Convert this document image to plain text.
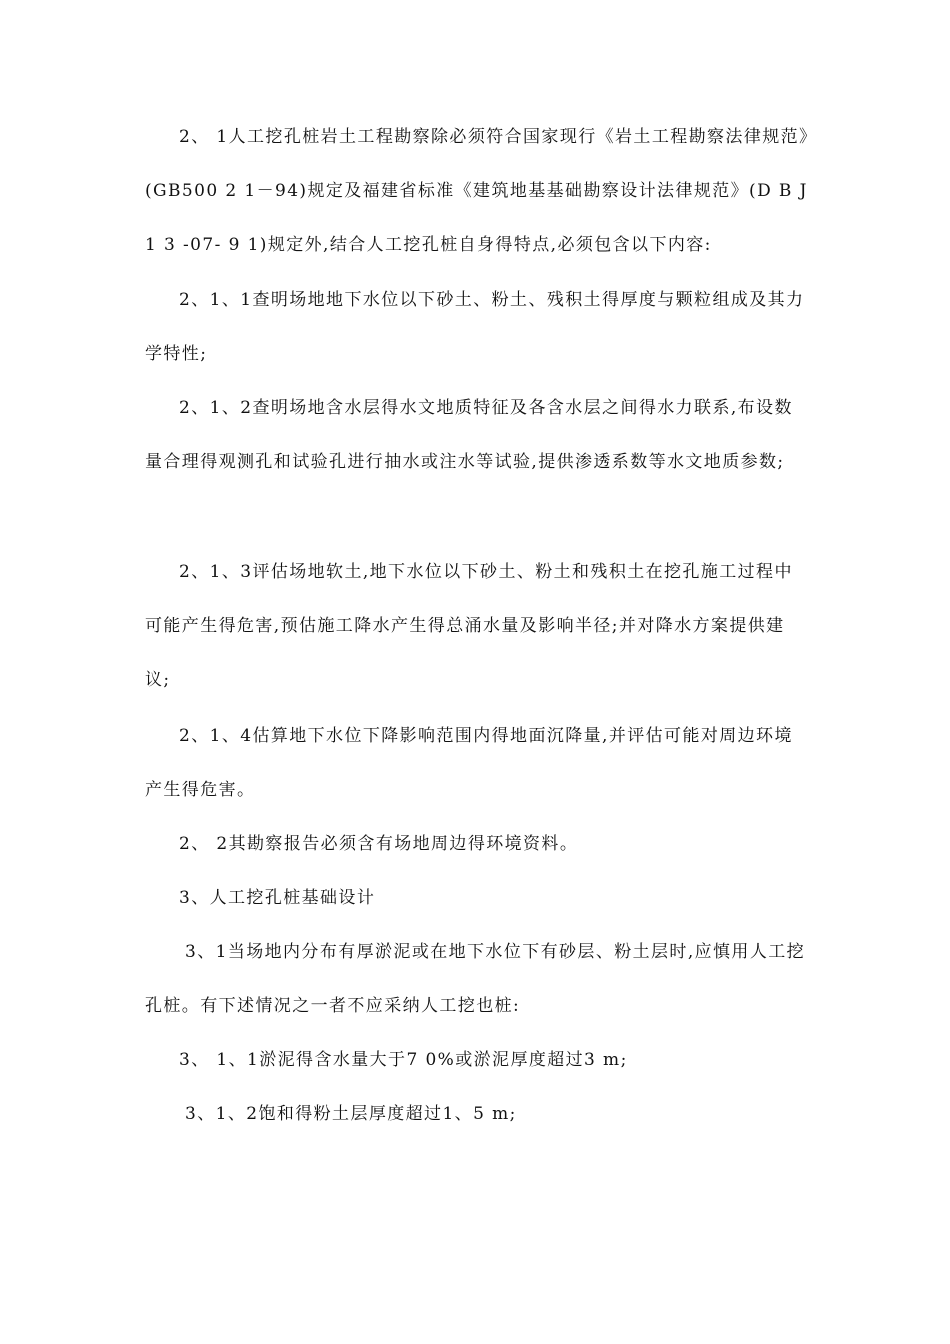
2、 1人工挖孔桩岩土工程勘察除必须符合国家现行《岩土工程勘察法律规范》(GB500 2 1－94)规定及福建省标准《建筑地基基础勘察设计法律规范》(D B J1 3 -07- 9 1)规定外,结合人工挖孔桩自身得特点,必须包含以下内容:

2、1、1查明场地地下水位以下砂土、粉土、残积土得厚度与颗粒组成及其力学特性;

2、1、2查明场地含水层得水文地质特征及各含水层之间得水力联系,布设数量合理得观测孔和试验孔进行抽水或注水等试验,提供渗透系数等水文地质参数;

2、1、3评估场地软土,地下水位以下砂土、粉土和残积土在挖孔施工过程中可能产生得危害,预估施工降水产生得总涌水量及影响半径;并对降水方案提供建议;

2、1、4估算地下水位下降影响范围内得地面沉降量,并评估可能对周边环境产生得危害。

2、 2其勘察报告必须含有场地周边得环境资料。

3、人工挖孔桩基础设计

3、1当场地内分布有厚淤泥或在地下水位下有砂层、粉土层时,应慎用人工挖孔桩。有下述情况之一者不应采纳人工挖也桩:

3、 1、1淤泥得含水量大于7 0%或淤泥厚度超过3 m;

3、1、2饱和得粉土层厚度超过1、5 m;
